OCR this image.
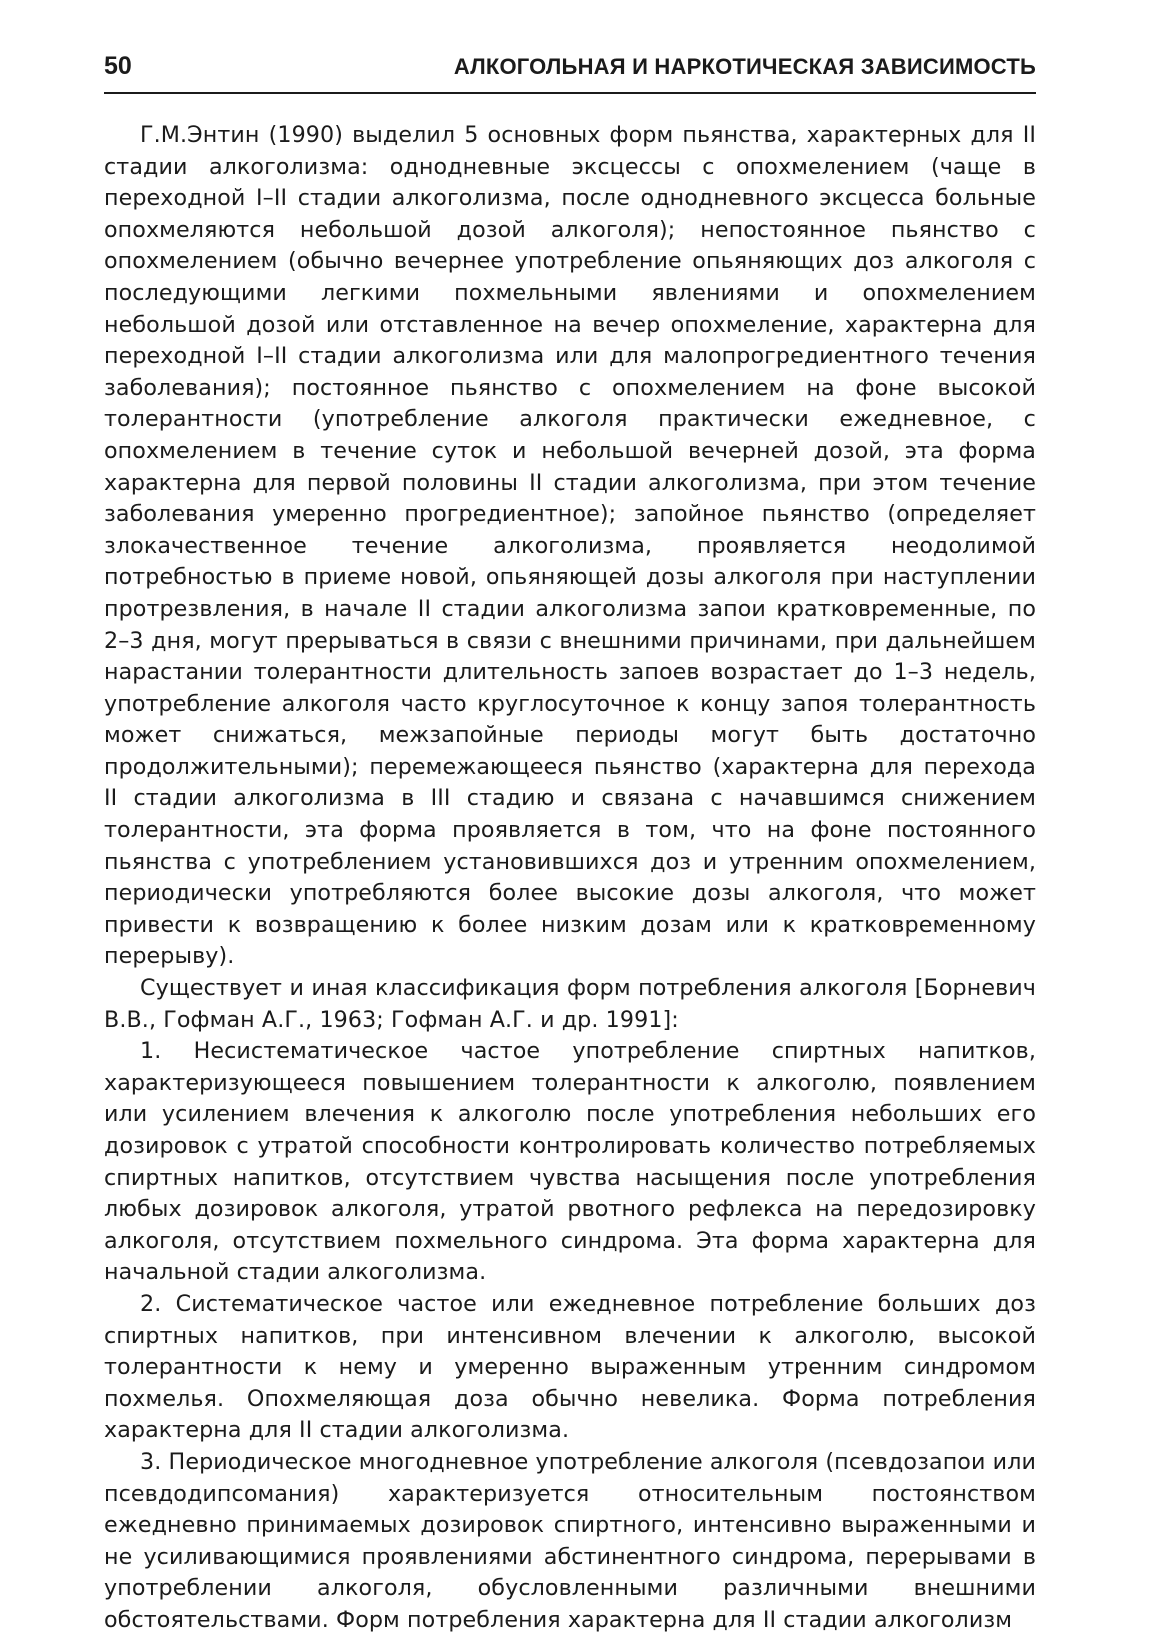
50	АЛКОГОЛЬНАЯ И НАРКОТИЧЕСКАЯ ЗАВИСИМОСТЬ

Г.М.Энтин (1990) выделил 5 основных форм пьянства, характерных для II стадии алкоголизма: однодневные эксцессы с опохмелением (чаще в переходной I–II стадии алкоголизма, после однодневного эксцесса больные опохмеляются небольшой дозой алкоголя); непостоянное пьянство с опохмелением (обычно вечернее употребление опьяняющих доз алкоголя с последующими легкими похмельными явлениями и опохмелением небольшой дозой или отставленное на вечер опохмеление, характерна для переходной I–II стадии алкоголизма или для малопрогредиентного течения заболевания); постоянное пьянство с опохмелением на фоне высокой толерантности (употребление алкоголя практически ежедневное, с опохмелением в течение суток и небольшой вечерней дозой, эта форма характерна для первой половины II стадии алкоголизма, при этом течение заболевания умеренно прогредиентное); запойное пьянство (определяет злокачественное течение алкоголизма, проявляется неодолимой потребностью в приеме новой, опьяняющей дозы алкоголя при наступлении протрезвления, в начале II стадии алкоголизма запои кратковременные, по 2–3 дня, могут прерываться в связи с внешними причинами, при дальнейшем нарастании толерантности длительность запоев возрастает до 1–3 недель, употребление алкоголя часто круглосуточное к концу запоя толерантность может снижаться, межзапойные периоды могут быть достаточно продолжительными); перемежающееся пьянство (характерна для перехода II стадии алкоголизма в III стадию и связана с начавшимся снижением толерантности, эта форма проявляется в том, что на фоне постоянного пьянства с употреблением установившихся доз и утренним опохмелением, периодически употребляются более высокие дозы алкоголя, что может привести к возвращению к более низким дозам или к кратковременному перерыву).

Существует и иная классификация форм потребления алкоголя [Борневич В.В., Гофман А.Г., 1963; Гофман А.Г. и др. 1991]:

1. Несистематическое частое употребление спиртных напитков, характеризующееся повышением толерантности к алкоголю, появлением или усилением влечения к алкоголю после употребления небольших его дозировок с утратой способности контролировать количество потребляемых спиртных напитков, отсутствием чувства насыщения после употребления любых дозировок алкоголя, утратой рвотного рефлекса на передозировку алкоголя, отсутствием похмельного синдрома. Эта форма характерна для начальной стадии алкоголизма.

2. Систематическое частое или ежедневное потребление больших доз спиртных напитков, при интенсивном влечении к алкоголю, высокой толерантности к нему и умеренно выраженным утренним синдромом похмелья. Опохмеляющая доза обычно невелика. Форма потребления характерна для II стадии алкоголизма.

3. Периодическое многодневное употребление алкоголя (псевдозапои или псевдодипсомания) характеризуется относительным постоянством ежедневно принимаемых дозировок спиртного, интенсивно выраженными и не усиливающимися проявлениями абстинентного синдрома, перерывами в употреблении алкоголя, обусловленными различными внешними обстоятельствами. Форм потребления характерна для II стадии алкоголизм
